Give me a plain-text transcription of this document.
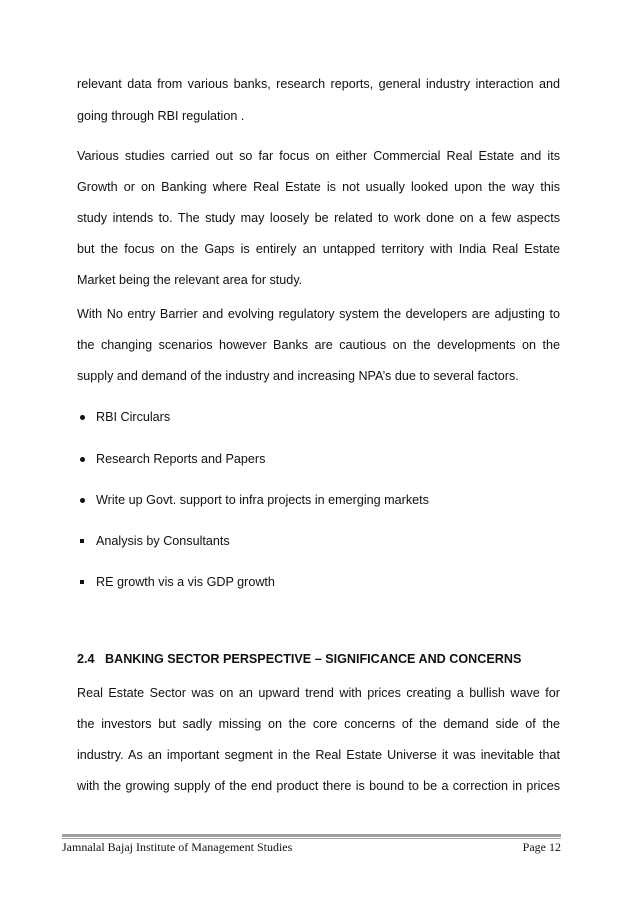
relevant data from various banks, research reports, general industry interaction and
going through RBI regulation .
Various studies carried out so far focus on either Commercial Real Estate and its
Growth or on Banking where Real Estate is not usually looked upon the way this
study intends to. The study may loosely be related to work done on a few aspects
but the focus on the Gaps is entirely an untapped territory with India Real Estate
Market being the relevant area for study.
With No entry Barrier and evolving regulatory system the developers are adjusting to
the changing scenarios however Banks are cautious on the developments on the
supply and demand of the industry and increasing NPA’s due to several factors.
RBI Circulars
Research Reports and Papers
Write up Govt. support to infra projects in emerging markets
Analysis by Consultants
RE growth vis a vis GDP growth
2.4 BANKING SECTOR PERSPECTIVE – SIGNIFICANCE AND CONCERNS
Real Estate Sector was on an upward trend with prices creating a bullish wave for
the investors but sadly missing on the core concerns of the demand side of the
industry. As an important segment in the Real Estate Universe it was inevitable that
with the growing supply of the end product there is bound to be a correction in prices
Jamnalal Bajaj Institute of Management Studies	Page 12
